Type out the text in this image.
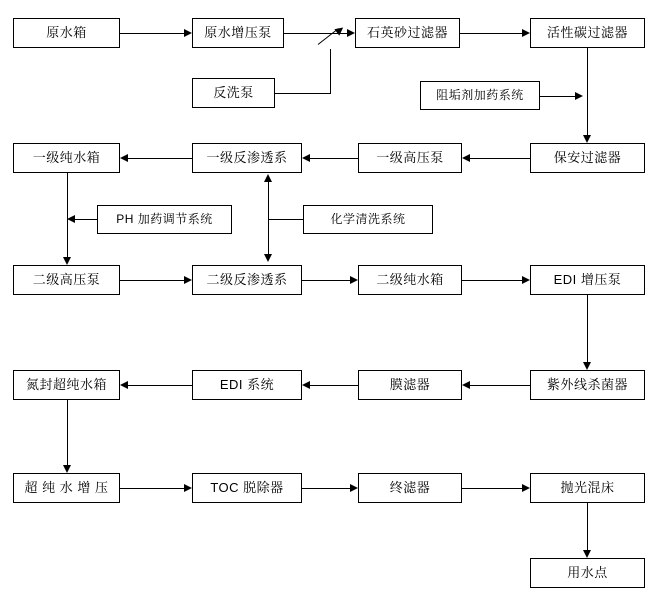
原水箱	原水增压泵	石英砂过滤器	活性碳过滤器
反洗泵	阻垢剂加药系统
保安过滤器
一级高压泵
一级反渗透系
一级纯水箱
PH 加药调节系统	化学清洗系统
二级高压泵	二级反渗透系	二级纯水箱	EDI 增压泵
紫外线杀菌器
膜滤器
EDI 系统
氮封超纯水箱
超 纯 水 增 压	TOC 脱除器	终滤器	抛光混床
用水点
